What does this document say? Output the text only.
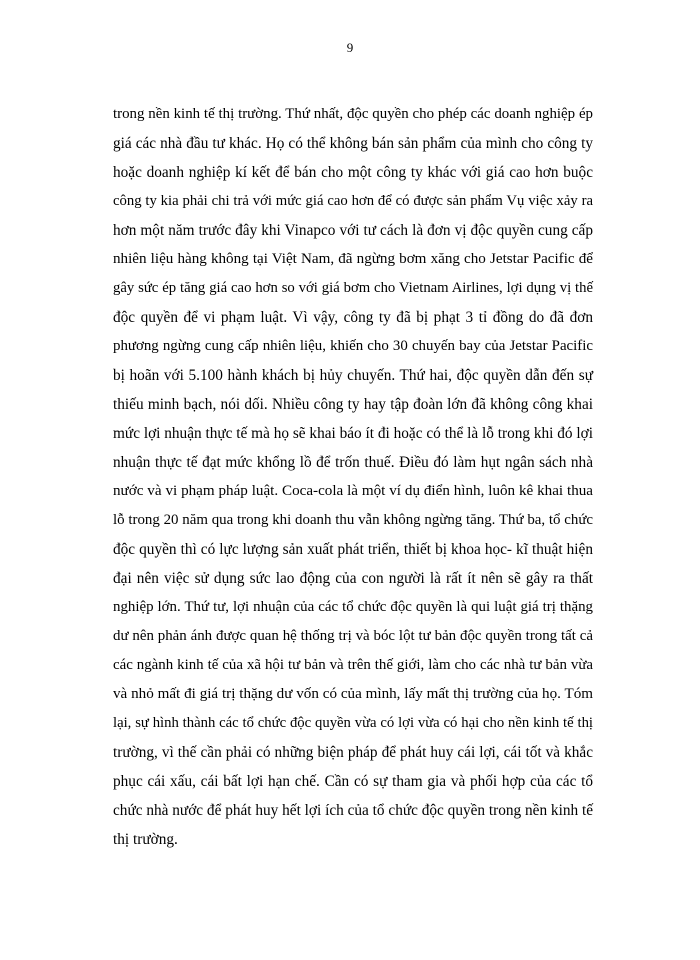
9
trong nền kinh tế thị trường. Thứ nhất, độc quyền cho phép các doanh nghiệp ép
giá các nhà đầu tư khác. Họ có thể không bán sản phẩm của mình cho công ty
hoặc doanh nghiệp kí kết để bán cho một công ty khác với giá cao hơn buộc
công ty kia phải chi trả với mức giá cao hơn để có được sản phẩm Vụ việc xảy ra
hơn một năm trước đây khi Vinapco với tư cách là đơn vị độc quyền cung cấp
nhiên liệu hàng không tại Việt Nam, đã ngừng bơm xăng cho Jetstar Pacific để
gây sức ép tăng giá cao hơn so với giá bơm cho Vietnam Airlines, lợi dụng vị thế
độc quyền để vi phạm luật. Vì vậy, công ty đã bị phạt 3 tỉ đồng do đã đơn
phương ngừng cung cấp nhiên liệu, khiến cho 30 chuyến bay của Jetstar Pacific
bị hoãn với 5.100 hành khách bị hủy chuyến. Thứ hai, độc quyền dẫn đến sự
thiếu minh bạch, nói dối. Nhiều công ty hay tập đoàn lớn đã không công khai
mức lợi nhuận thực tế mà họ sẽ khai báo ít đi hoặc có thể là lỗ trong khi đó lợi
nhuận thực tế đạt mức khổng lồ để trốn thuế. Điều đó làm hụt ngân sách nhà
nước và vi phạm pháp luật. Coca-cola là một ví dụ điển hình, luôn kê khai thua
lỗ trong 20 năm qua trong khi doanh thu vẫn không ngừng tăng. Thứ ba, tổ chức
độc quyền thì có lực lượng sản xuất phát triển, thiết bị khoa học- kĩ thuật hiện
đại nên việc sử dụng sức lao động của con người là rất ít nên sẽ gây ra thất
nghiệp lớn. Thứ tư, lợi nhuận của các tổ chức độc quyền là qui luật giá trị thặng
dư nên phản ánh được quan hệ thống trị và bóc lột tư bản độc quyền trong tất cả
các ngành kinh tế của xã hội tư bản và trên thế giới, làm cho các nhà tư bản vừa
và nhỏ mất đi giá trị thặng dư vốn có của mình, lấy mất thị trường của họ. Tóm
lại, sự hình thành các tổ chức độc quyền vừa có lợi vừa có hại cho nền kinh tế thị
trường, vì thế cần phải có những biện pháp để phát huy cái lợi, cái tốt và khắc
phục cái xấu, cái bất lợi hạn chế. Cần có sự tham gia và phối hợp của các tổ
chức nhà nước để phát huy hết lợi ích của tổ chức độc quyền trong nền kinh tế
thị trường.
